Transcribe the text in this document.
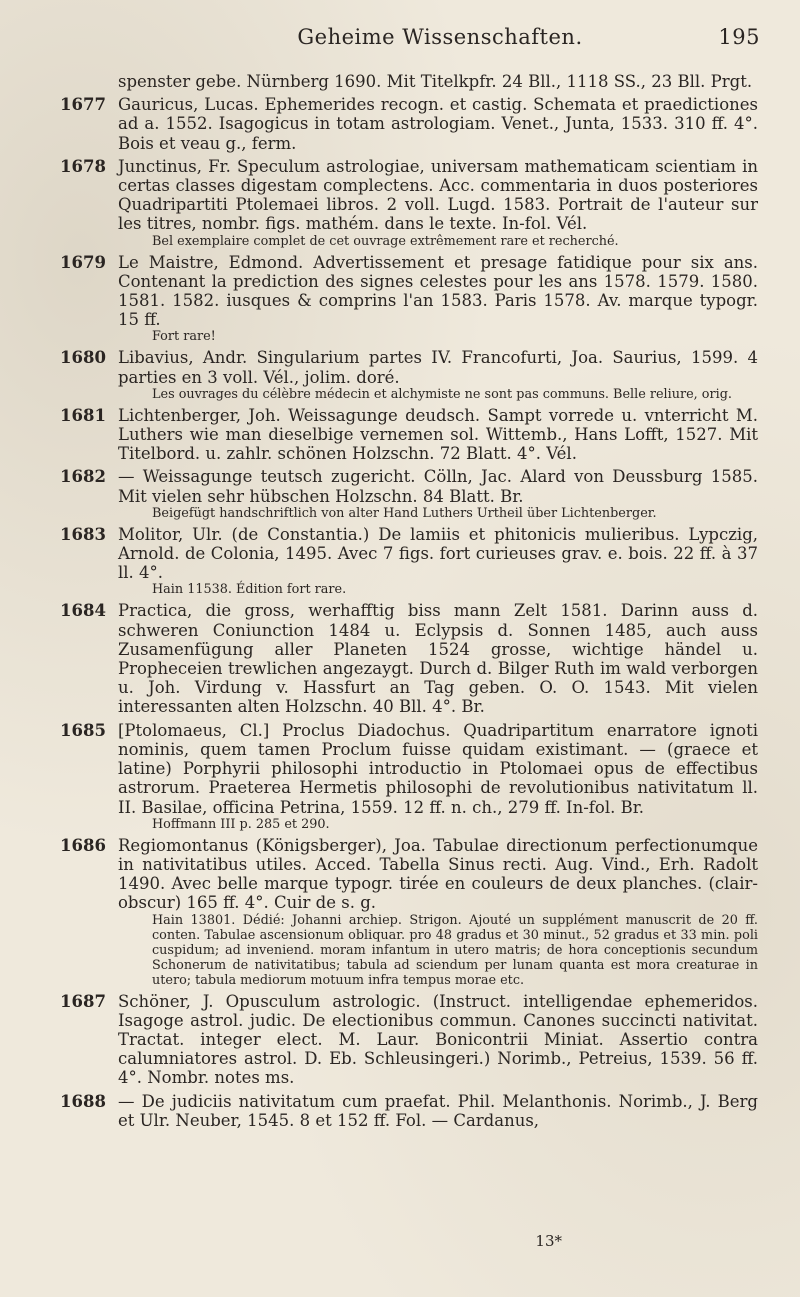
Geheime Wissenschaften.	195
spenster gebe. Nürnberg 1690. Mit Titelkpfr. 24 Bll., 1118 SS., 23 Bll. Prgt.
1677 Gauricus, Lucas. Ephemerides recogn. et castig. Schemata et praedictiones ad a. 1552. Isagogicus in totam astrologiam. Venet., Junta, 1533. 310 ff. 4°. Bois et veau g., ferm.
1678 Junctinus, Fr. Speculum astrologiae, universam mathematicam scientiam in certas classes digestam complectens. Acc. commentaria in duos posteriores Quadripartiti Ptolemaei libros. 2 voll. Lugd. 1583. Portrait de l'auteur sur les titres, nombr. figs. mathém. dans le texte. In-fol. Vél.
Bel exemplaire complet de cet ouvrage extrêmement rare et recherché.
1679 Le Maistre, Edmond. Advertissement et presage fatidique pour six ans. Contenant la prediction des signes celestes pour les ans 1578. 1579. 1580. 1581. 1582. iusques & comprins l'an 1583. Paris 1578. Av. marque typogr. 15 ff.
Fort rare!
1680 Libavius, Andr. Singularium partes IV. Francofurti, Joa. Saurius, 1599. 4 parties en 3 voll. Vél., jolim. doré.
Les ouvrages du célèbre médecin et alchymiste ne sont pas communs. Belle reliure, orig.
1681 Lichtenberger, Joh. Weissagunge deudsch. Sampt vorrede u. vnterricht M. Luthers wie man dieselbige vernemen sol. Wittemb., Hans Lofft, 1527. Mit Titelbord. u. zahlr. schönen Holzschn. 72 Blatt. 4°. Vél.
1682 — Weissagunge teutsch zugericht. Cölln, Jac. Alard von Deussburg 1585. Mit vielen sehr hübschen Holzschn. 84 Blatt. Br.
Beigefügt handschriftlich von alter Hand Luthers Urtheil über Lichtenberger.
1683 Molitor, Ulr. (de Constantia.) De lamiis et phitonicis mulieribus. Lypczig, Arnold. de Colonia, 1495. Avec 7 figs. fort curieuses grav. e. bois. 22 ff. à 37 ll. 4°.
Hain 11538. Édition fort rare.
1684 Practica, die gross, werhafftig biss mann Zelt 1581. Darinn auss d. schweren Coniunction 1484 u. Eclypsis d. Sonnen 1485, auch auss Zusamenfügung aller Planeten 1524 grosse, wichtige händel u. Prophecеien trewlichen angezaygt. Durch d. Bilger Ruth im wald verborgen u. Joh. Virdung v. Hassfurt an Tag geben. O. O. 1543. Mit vielen interessanten alten Holzschn. 40 Bll. 4°. Br.
1685 [Ptolomaeus, Cl.] Proclus Diadochus. Quadripartitum enarratore ignoti nominis, quem tamen Proclum fuisse quidam existimant. — (graece et latine) Porphyrii philosophi introductio in Ptolomaei opus de effectibus astrorum. Praeterea Hermetis philosophi de revolutionibus nativitatum ll. II. Basilae, officina Petrina, 1559. 12 ff. n. ch., 279 ff. In-fol. Br.
Hoffmann III p. 285 et 290.
1686 Regiomontanus (Königsberger), Joa. Tabulae directionum perfectionumque in nativitatibus utiles. Acced. Tabella Sinus recti. Aug. Vind., Erh. Radolt 1490. Avec belle marque typogr. tirée en couleurs de deux planches. (clair-obscur) 165 ff. 4°. Cuir de s. g.
Hain 13801. Dédié: Johanni archiep. Strigon. Ajouté un supplément manuscrit de 20 ff. conten. Tabulae ascensionum obliquar. pro 48 gradus et 30 minut., 52 gradus et 33 min. poli cuspidum; ad inveniend. moram infantum in utero matris; de hora conceptionis secundum Schonerum de nativitatibus; tabula ad sciendum per lunam quanta est mora creaturae in utero; tabula mediorum motuum infra tempus morae etc.
1687 Schöner, J. Opusculum astrologic. (Instruct. intelligendae ephemeridos. Isagoge astrol. judic. De electionibus commun. Canones succincti nativitat. Tractat. integer elect. M. Laur. Bonicontrii Miniat. Assertio contra calumniatores astrol. D. Eb. Schleusingeri.) Norimb., Petreius, 1539. 56 ff. 4°. Nombr. notes ms.
1688 — De judiciis nativitatum cum praefat. Phil. Melanthonis. Norimb., J. Berg et Ulr. Neuber, 1545. 8 et 152 ff. Fol. — Cardanus,
13*
